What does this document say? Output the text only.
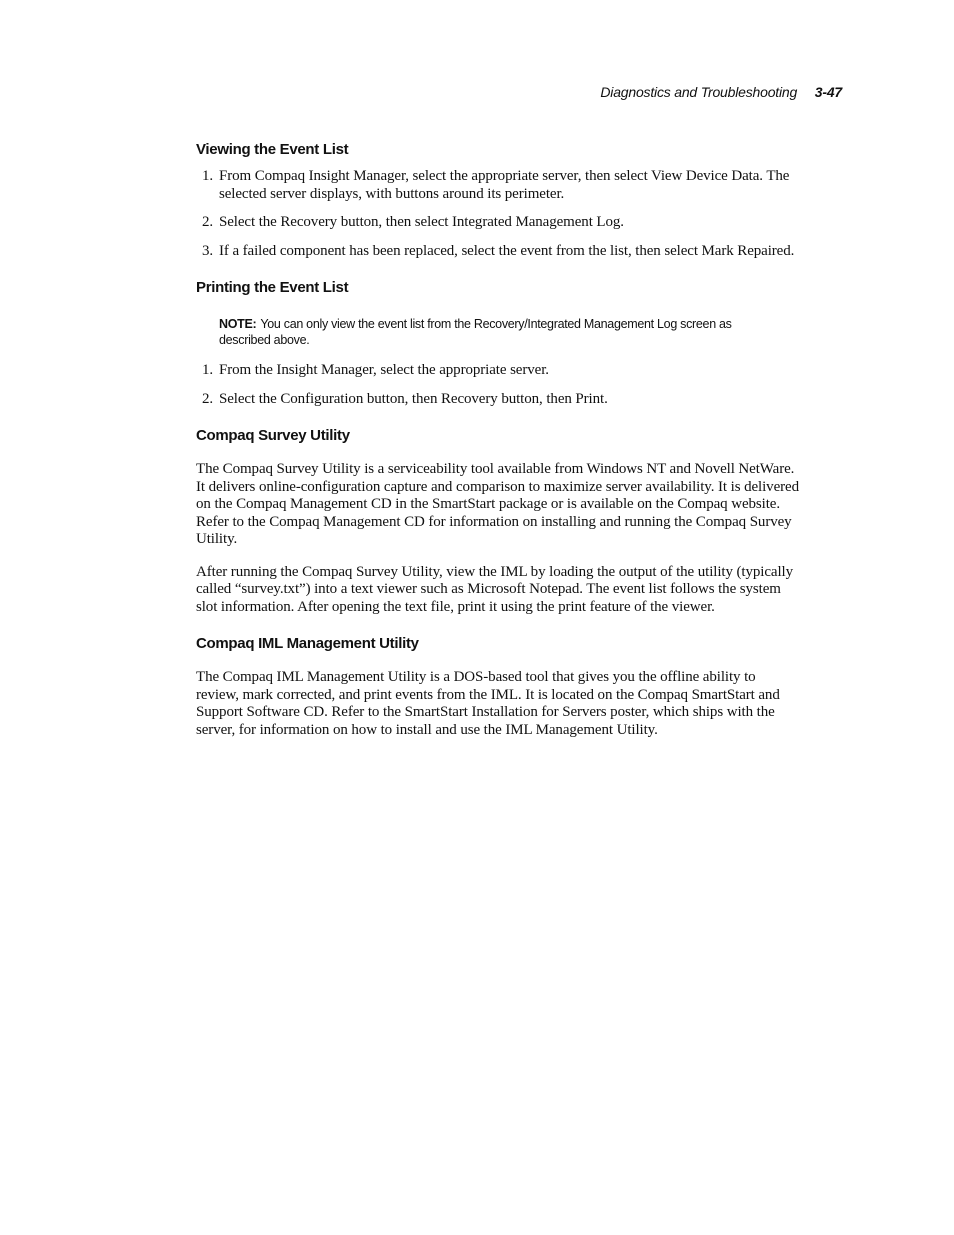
Diagnostics and Troubleshooting 3-47
Viewing the Event List
1. From Compaq Insight Manager, select the appropriate server, then select View Device Data. The selected server displays, with buttons around its perimeter.
2. Select the Recovery button, then select Integrated Management Log.
3. If a failed component has been replaced, select the event from the list, then select Mark Repaired.
Printing the Event List
NOTE: You can only view the event list from the Recovery/Integrated Management Log screen as described above.
1. From the Insight Manager, select the appropriate server.
2. Select the Configuration button, then Recovery button, then Print.
Compaq Survey Utility

The Compaq Survey Utility is a serviceability tool available from Windows NT and Novell NetWare. It delivers online-configuration capture and comparison to maximize server availability. It is delivered on the Compaq Management CD in the SmartStart package or is available on the Compaq website. Refer to the Compaq Management CD for information on installing and running the Compaq Survey Utility.

After running the Compaq Survey Utility, view the IML by loading the output of the utility (typically called “survey.txt”) into a text viewer such as Microsoft Notepad. The event list follows the system slot information. After opening the text file, print it using the print feature of the viewer.

Compaq IML Management Utility

The Compaq IML Management Utility is a DOS-based tool that gives you the offline ability to review, mark corrected, and print events from the IML. It is located on the Compaq SmartStart and Support Software CD. Refer to the SmartStart Installation for Servers poster, which ships with the server, for information on how to install and use the IML Management Utility.
